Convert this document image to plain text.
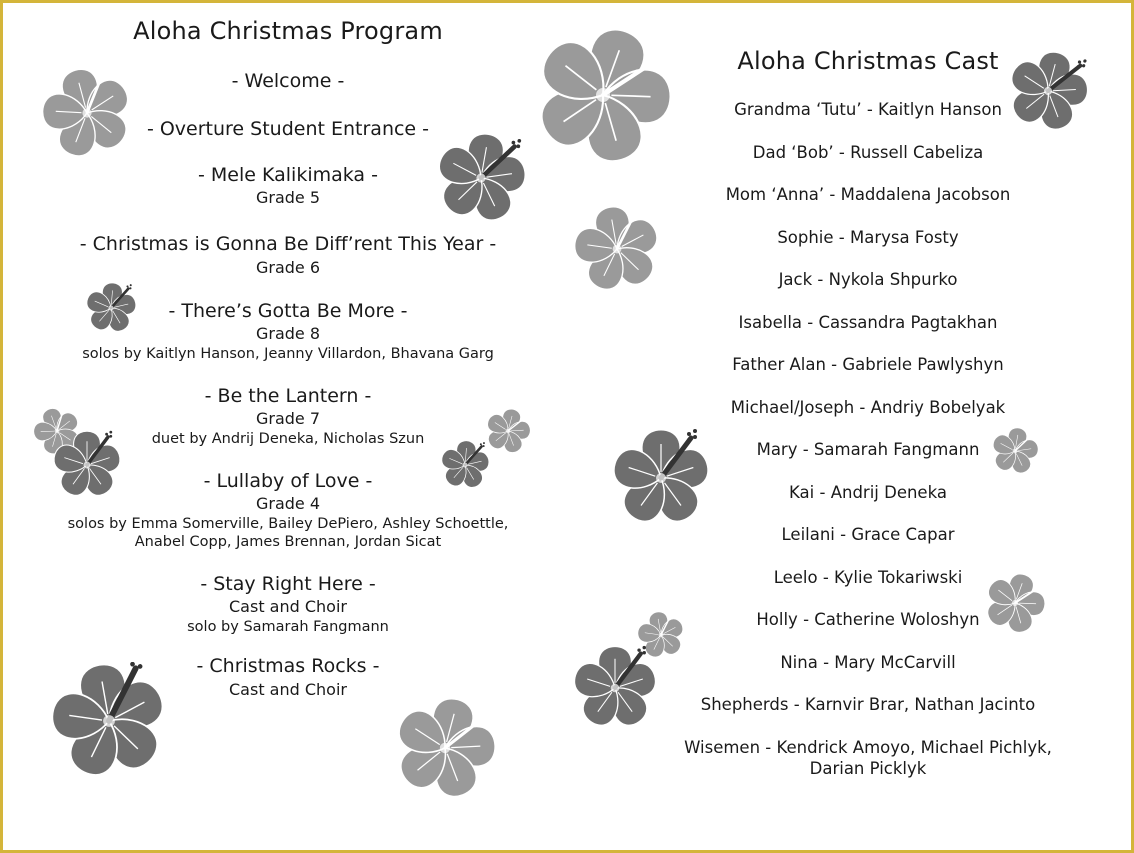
Aloha Christmas Program
- Welcome -
- Overture Student Entrance -
- Mele Kalikimaka -
Grade 5
- Christmas is Gonna Be Diff’rent This Year -
Grade 6
- There’s Gotta Be More -
Grade 8
solos by Kaitlyn Hanson, Jeanny Villardon, Bhavana Garg
- Be the Lantern -
Grade 7
duet by Andrij Deneka, Nicholas Szun
- Lullaby of Love -
Grade 4
solos by Emma Somerville, Bailey DePiero, Ashley Schoettle,
Anabel Copp, James Brennan, Jordan Sicat
- Stay Right Here -
Cast and Choir
solo by Samarah Fangmann
- Christmas Rocks -
Cast and Choir
Aloha Christmas Cast
Grandma ‘Tutu’ - Kaitlyn Hanson
Dad ‘Bob’ - Russell Cabeliza
Mom ‘Anna’ - Maddalena Jacobson
Sophie - Marysa Fosty
Jack - Nykola Shpurko
Isabella - Cassandra Pagtakhan
Father Alan - Gabriele Pawlyshyn
Michael/Joseph - Andriy Bobelyak
Mary - Samarah Fangmann
Kai - Andrij Deneka
Leilani - Grace Capar
Leelo - Kylie Tokariwski
Holly - Catherine Woloshyn
Nina - Mary McCarvill
Shepherds - Karnvir Brar, Nathan Jacinto
Wisemen - Kendrick Amoyo, Michael Pichlyk,
Darian Picklyk
